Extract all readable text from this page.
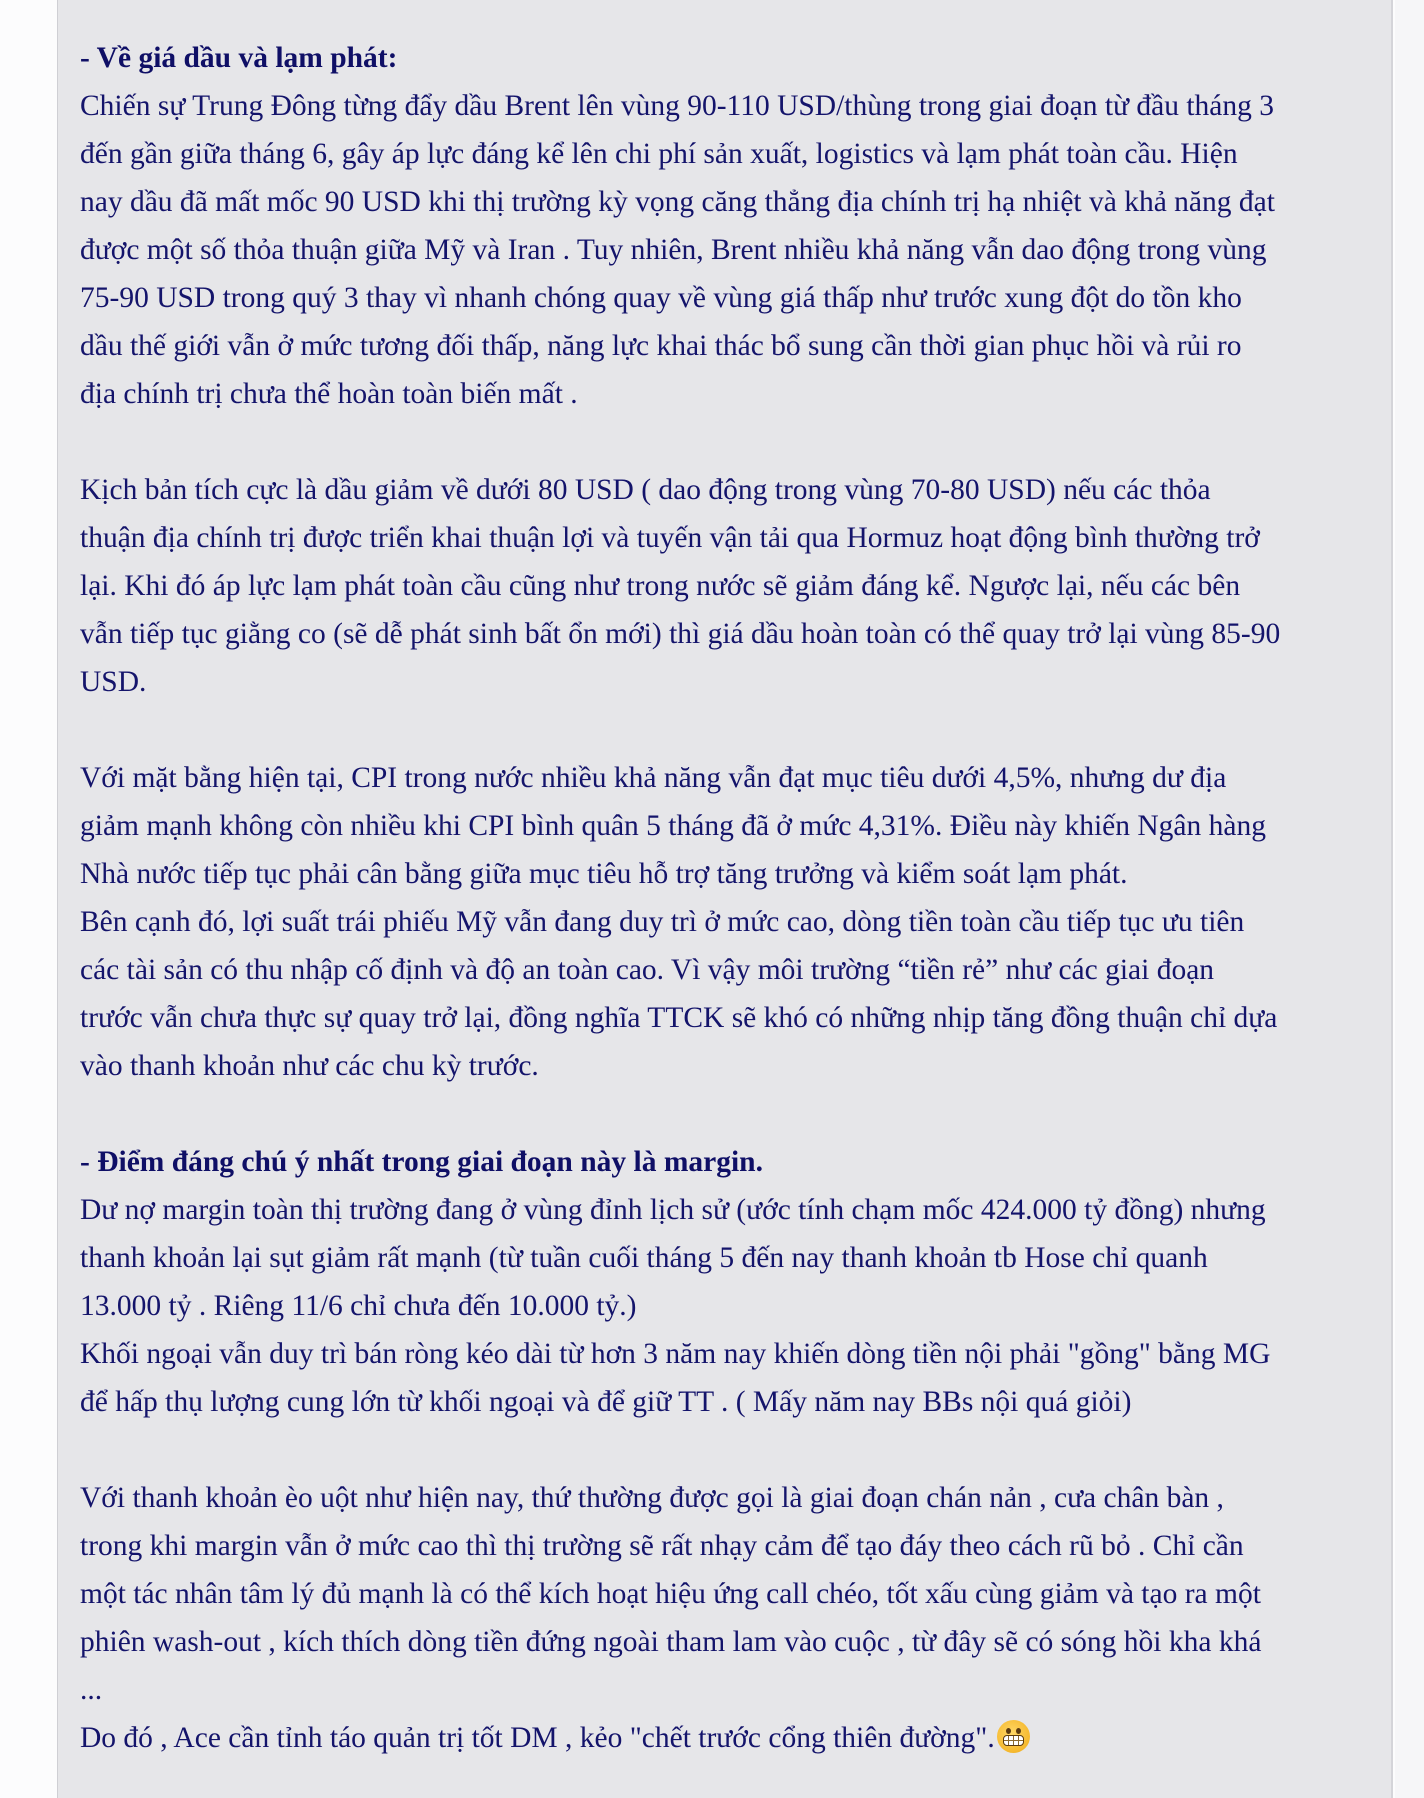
- Về giá dầu và lạm phát:

Chiến sự Trung Đông từng đẩy dầu Brent lên vùng 90-110 USD/thùng trong giai đoạn từ đầu tháng 3

đến gần giữa tháng 6, gây áp lực đáng kể lên chi phí sản xuất, logistics và lạm phát toàn cầu. Hiện

nay dầu đã mất mốc 90 USD khi thị trường kỳ vọng căng thẳng địa chính trị hạ nhiệt và khả năng đạt

được một số thỏa thuận giữa Mỹ và Iran . Tuy nhiên, Brent nhiều khả năng vẫn dao động trong vùng

75-90 USD trong quý 3 thay vì nhanh chóng quay về vùng giá thấp như trước xung đột do tồn kho

dầu thế giới vẫn ở mức tương đối thấp, năng lực khai thác bổ sung cần thời gian phục hồi và rủi ro

địa chính trị chưa thể hoàn toàn biến mất .

Kịch bản tích cực là dầu giảm về dưới 80 USD ( dao động trong vùng 70-80 USD) nếu các thỏa

thuận địa chính trị được triển khai thuận lợi và tuyến vận tải qua Hormuz hoạt động bình thường trở

lại. Khi đó áp lực lạm phát toàn cầu cũng như trong nước sẽ giảm đáng kể. Ngược lại, nếu các bên

vẫn tiếp tục giằng co (sẽ dễ phát sinh bất ổn mới) thì giá dầu hoàn toàn có thể quay trở lại vùng 85-90

USD.

Với mặt bằng hiện tại, CPI trong nước nhiều khả năng vẫn đạt mục tiêu dưới 4,5%, nhưng dư địa

giảm mạnh không còn nhiều khi CPI bình quân 5 tháng đã ở mức 4,31%. Điều này khiến Ngân hàng

Nhà nước tiếp tục phải cân bằng giữa mục tiêu hỗ trợ tăng trưởng và kiểm soát lạm phát.

Bên cạnh đó, lợi suất trái phiếu Mỹ vẫn đang duy trì ở mức cao, dòng tiền toàn cầu tiếp tục ưu tiên

các tài sản có thu nhập cố định và độ an toàn cao. Vì vậy môi trường “tiền rẻ” như các giai đoạn

trước vẫn chưa thực sự quay trở lại, đồng nghĩa TTCK sẽ khó có những nhịp tăng đồng thuận chỉ dựa

vào thanh khoản như các chu kỳ trước.

- Điểm đáng chú ý nhất trong giai đoạn này là margin.

Dư nợ margin toàn thị trường đang ở vùng đỉnh lịch sử (ước tính chạm mốc 424.000 tỷ đồng) nhưng

thanh khoản lại sụt giảm rất mạnh (từ tuần cuối tháng 5 đến nay thanh khoản tb Hose chỉ quanh

13.000 tỷ . Riêng 11/6 chỉ chưa đến 10.000 tỷ.)

Khối ngoại vẫn duy trì bán ròng kéo dài từ hơn 3 năm nay khiến dòng tiền nội phải "gồng" bằng MG

để hấp thụ lượng cung lớn từ khối ngoại và để giữ TT . ( Mấy năm nay BBs nội quá giỏi)

Với thanh khoản èo uột như hiện nay, thứ thường được gọi là giai đoạn chán nản , cưa chân bàn ,

trong khi margin vẫn ở mức cao thì thị trường sẽ rất nhạy cảm để tạo đáy theo cách rũ bỏ . Chỉ cần

một tác nhân tâm lý đủ mạnh là có thể kích hoạt hiệu ứng call chéo, tốt xấu cùng giảm và tạo ra một

phiên wash-out , kích thích dòng tiền đứng ngoài tham lam vào cuộc , từ đây sẽ có sóng hồi kha khá

...

Do đó , Ace cần tỉnh táo quản trị tốt DM , kẻo "chết trước cổng thiên đường".
